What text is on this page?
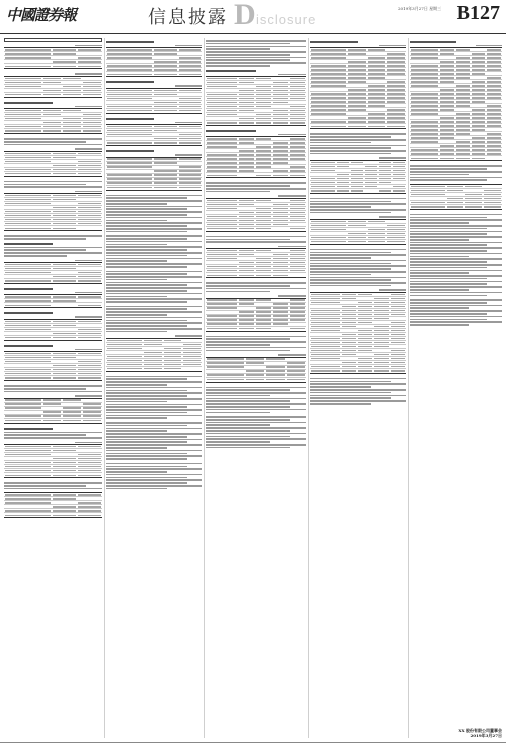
中國證券報	信息披露 D isclosure
2019年3月27日 星期三 B127
XX 股份有限公司董事会
2019年3月27日
